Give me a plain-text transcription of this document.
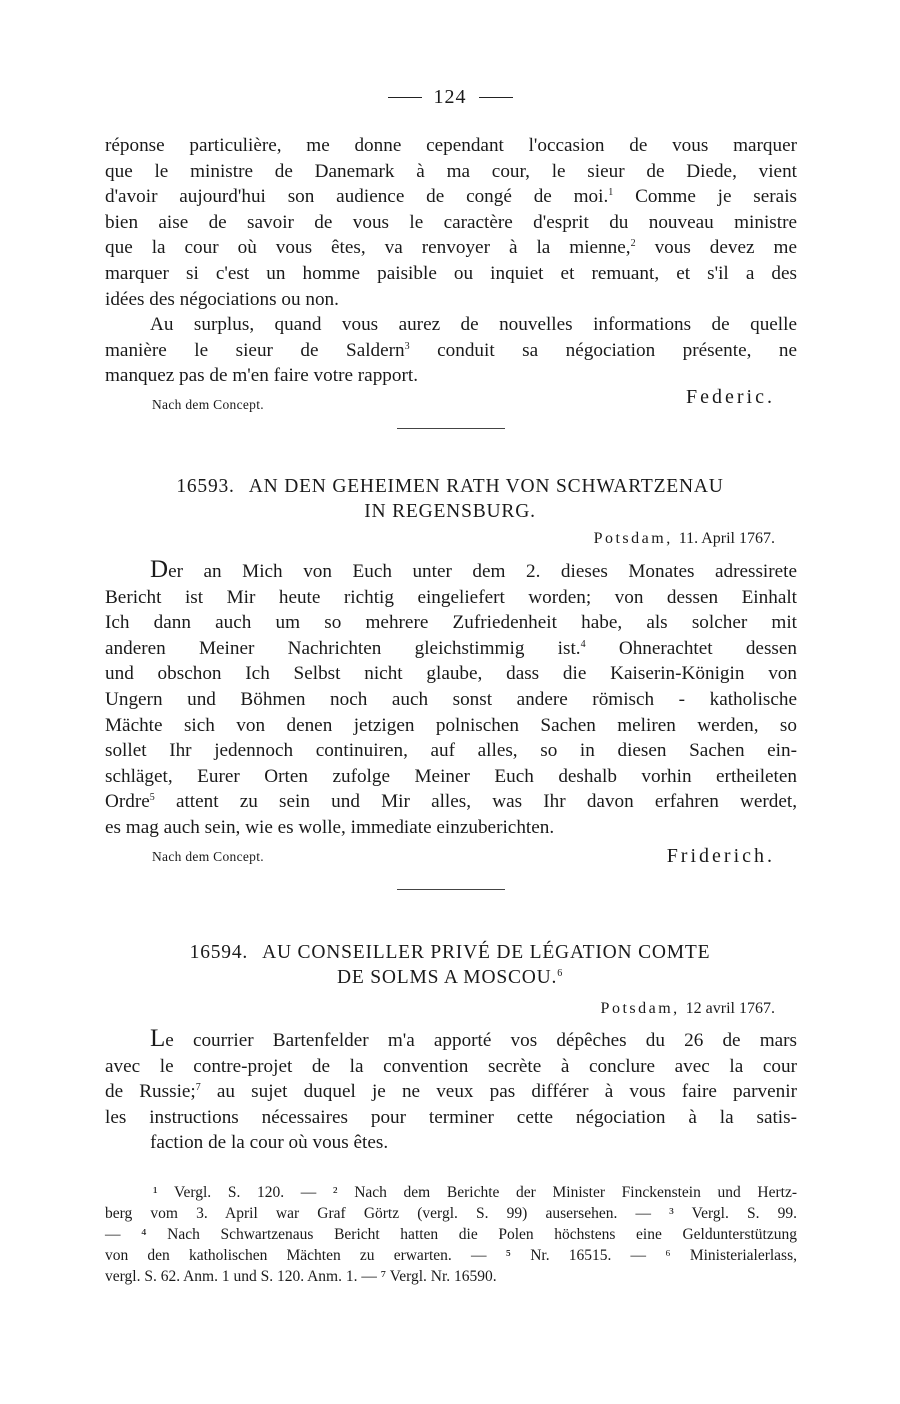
124
réponse particulière, me donne cependant l'occasion de vous marquer
que le ministre de Danemark à ma cour, le sieur de Diede, vient
d'avoir aujourd'hui son audience de congé de moi.$^1$ Comme je serais
bien aise de savoir de vous le caractère d'esprit du nouveau ministre
que la cour où vous êtes, va renvoyer à la mienne,$^2$ vous devez me
marquer si c'est un homme paisible ou inquiet et remuant, et s'il a des
idées des négociations ou non.
Au surplus, quand vous aurez de nouvelles informations de quelle
manière le sieur de Saldern$^3$ conduit sa négociation présente, ne
manquez pas de m'en faire votre rapport.
Nach dem Concept.	Federic.
16593. AN DEN GEHEIMEN RATH VON SCHWARTZENAU
IN REGENSBURG.
Potsdam, 11. April 1767.
Der an Mich von Euch unter dem 2. dieses Monates adressirete
Bericht ist Mir heute richtig eingeliefert worden; von dessen Einhalt
Ich dann auch um so mehrere Zufriedenheit habe, als solcher mit
anderen Meiner Nachrichten gleichstimmig ist.$^4$ Ohnerachtet dessen
und obschon Ich Selbst nicht glaube, dass die Kaiserin-Königin von
Ungern und Böhmen noch auch sonst andere römisch - katholische
Mächte sich von denen jetzigen polnischen Sachen meliren werden, so
sollet Ihr jedennoch continuiren, auf alles, so in diesen Sachen ein-
schläget, Eurer Orten zufolge Meiner Euch deshalb vorhin ertheileten
Ordre$^5$ attent zu sein und Mir alles, was Ihr davon erfahren werdet,
es mag auch sein, wie es wolle, immediate einzuberichten.
Nach dem Concept.	Friderich.
16594. AU CONSEILLER PRIVÉ DE LÉGATION COMTE
DE SOLMS A MOSCOU.$^6$
Potsdam, 12 avril 1767.
Le courrier Bartenfelder m'a apporté vos dépêches du 26 de mars
avec le contre-projet de la convention secrète à conclure avec la cour
de Russie;$^7$ au sujet duquel je ne veux pas différer à vous faire parvenir
les instructions nécessaires pour terminer cette négociation à la satis-
faction de la cour où vous êtes.
¹ Vergl. S. 120. — ² Nach dem Berichte der Minister Finckenstein und Hertz-
berg vom 3. April war Graf Görtz (vergl. S. 99) ausersehen. — ³ Vergl. S. 99.
— ⁴ Nach Schwartzenaus Bericht hatten die Polen höchstens eine Geldunterstützung
von den katholischen Mächten zu erwarten. — ⁵ Nr. 16515. — ⁶ Ministerialerlass,
vergl. S. 62. Anm. 1 und S. 120. Anm. 1. — ⁷ Vergl. Nr. 16590.
